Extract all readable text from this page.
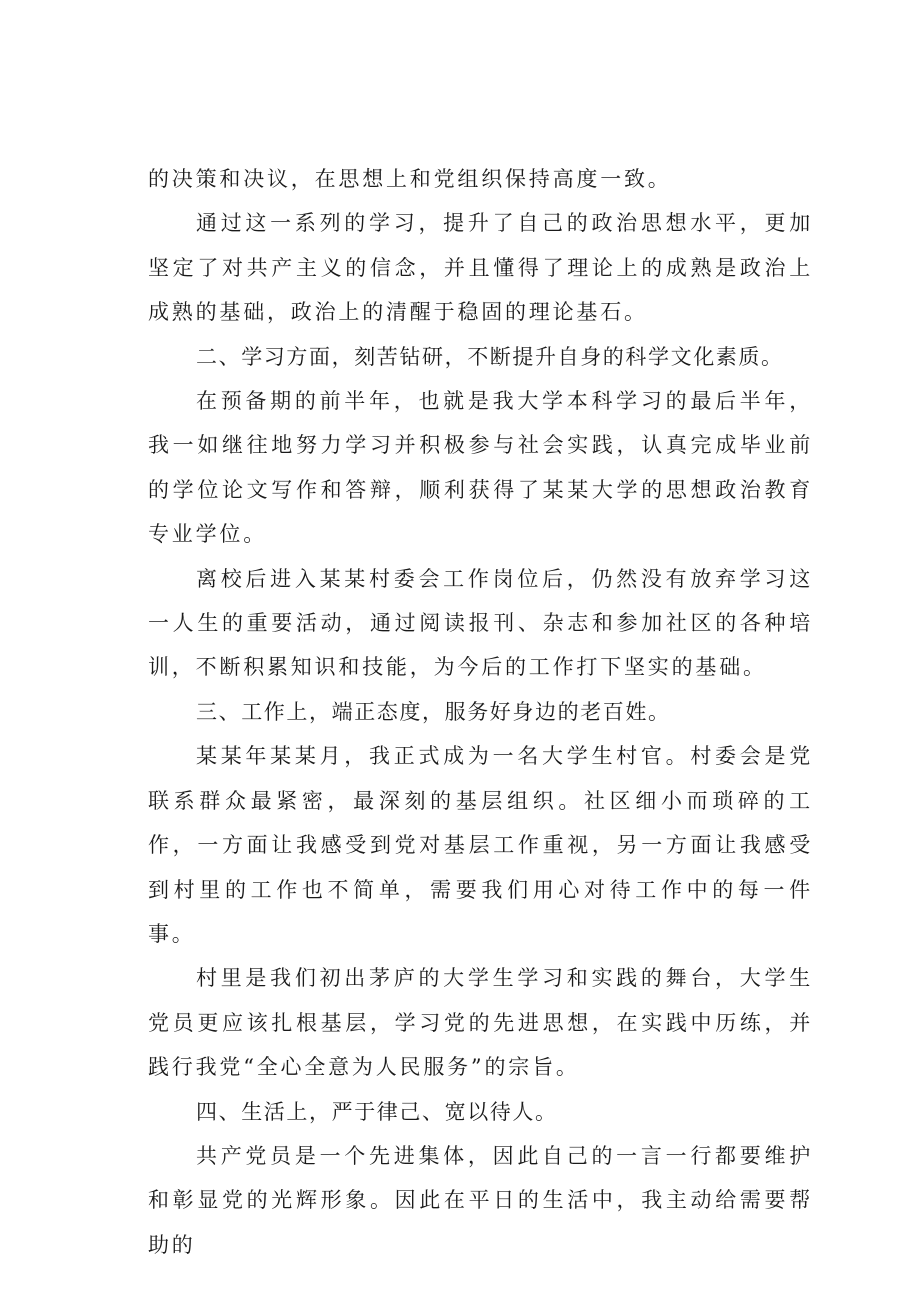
的决策和决议，在思想上和党组织保持高度一致。

通过这一系列的学习，提升了自己的政治思想水平，更加坚定了对共产主义的信念，并且懂得了理论上的成熟是政治上成熟的基础，政治上的清醒于稳固的理论基石。

二、学习方面，刻苦钻研，不断提升自身的科学文化素质。

在预备期的前半年，也就是我大学本科学习的最后半年，我一如继往地努力学习并积极参与社会实践，认真完成毕业前的学位论文写作和答辩，顺利获得了某某大学的思想政治教育专业学位。

离校后进入某某村委会工作岗位后，仍然没有放弃学习这一人生的重要活动，通过阅读报刊、杂志和参加社区的各种培训，不断积累知识和技能，为今后的工作打下坚实的基础。

三、工作上，端正态度，服务好身边的老百姓。

某某年某某月，我正式成为一名大学生村官。村委会是党联系群众最紧密，最深刻的基层组织。社区细小而琐碎的工作，一方面让我感受到党对基层工作重视，另一方面让我感受到村里的工作也不简单，需要我们用心对待工作中的每一件事。

村里是我们初出茅庐的大学生学习和实践的舞台，大学生党员更应该扎根基层，学习党的先进思想，在实践中历练，并践行我党“全心全意为人民服务”的宗旨。

四、生活上，严于律己、宽以待人。

共产党员是一个先进集体，因此自己的一言一行都要维护和彰显党的光辉形象。因此在平日的生活中，我主动给需要帮助的
